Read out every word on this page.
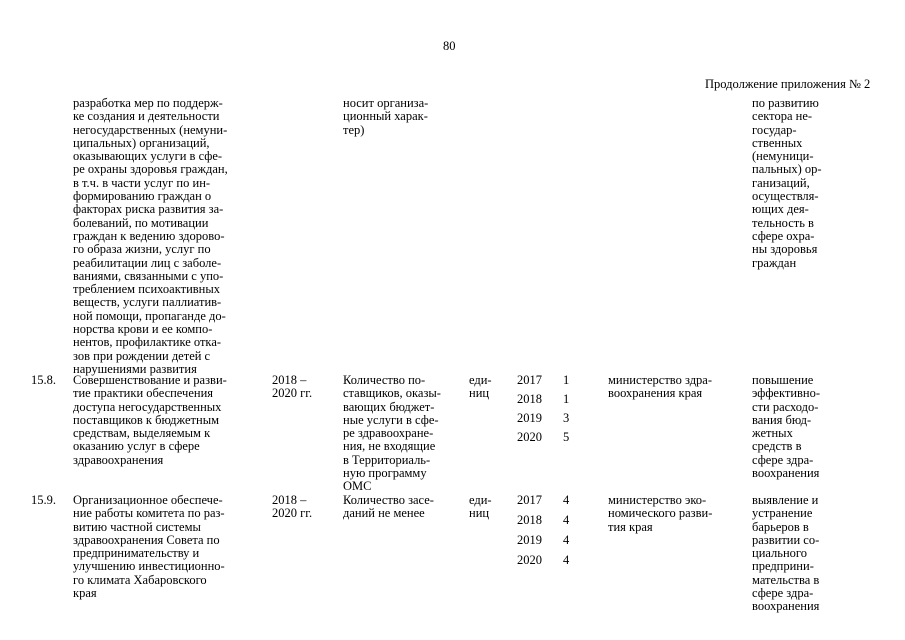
80
Продолжение приложения № 2
разработка мер по поддерж-
ке создания и деятельности
негосударственных (немуни-
ципальных) организаций,
оказывающих услуги в сфе-
ре охраны здоровья граждан,
в т.ч. в части услуг по ин-
формированию граждан о
факторах риска развития за-
болеваний, по мотивации
граждан к ведению здорово-
го образа жизни, услуг по
реабилитации лиц с заболе-
ваниями, связанными с упо-
треблением психоактивных
веществ, услуги паллиатив-
ной помощи, пропаганде до-
норства крови и ее компо-
нентов, профилактике отка-
зов при рождении детей с
нарушениями развития
носит организа-
ционный харак-
тер)
по развитию
сектора не-
государ-
ственных
(немуници-
пальных) ор-
ганизаций,
осуществля-
ющих дея-
тельность в
сфере охра-
ны здоровья
граждан
15.8. Совершенствование и разви-
тие практики обеспечения
доступа негосударственных
поставщиков к бюджетным
средствам, выделяемым к
оказанию услуг в сфере
здравоохранения
2018 –
2020 гг.
Количество по-
ставщиков, оказы-
вающих бюджет-
ные услуги в сфе-
ре здравоохране-
ния, не входящие
в Территориаль-
ную программу
ОМС
еди-
ниц
2017
2018
2019
2020
1
1
3
5
министерство здра-
воохранения края
повышение
эффективно-
сти расходо-
вания бюд-
жетных
средств в
сфере здра-
воохранения
15.9. Организационное обеспече-
ние работы комитета по раз-
витию частной системы
здравоохранения Совета по
предпринимательству и
улучшению инвестиционно-
го климата Хабаровского
края
2018 –
2020 гг.
Количество засе-
даний не менее
еди-
ниц
2017
2018
2019
2020
4
4
4
4
министерство эко-
номического разви-
тия края
выявление и
устранение
барьеров в
развитии со-
циального
предприни-
мательства в
сфере здра-
воохранения
